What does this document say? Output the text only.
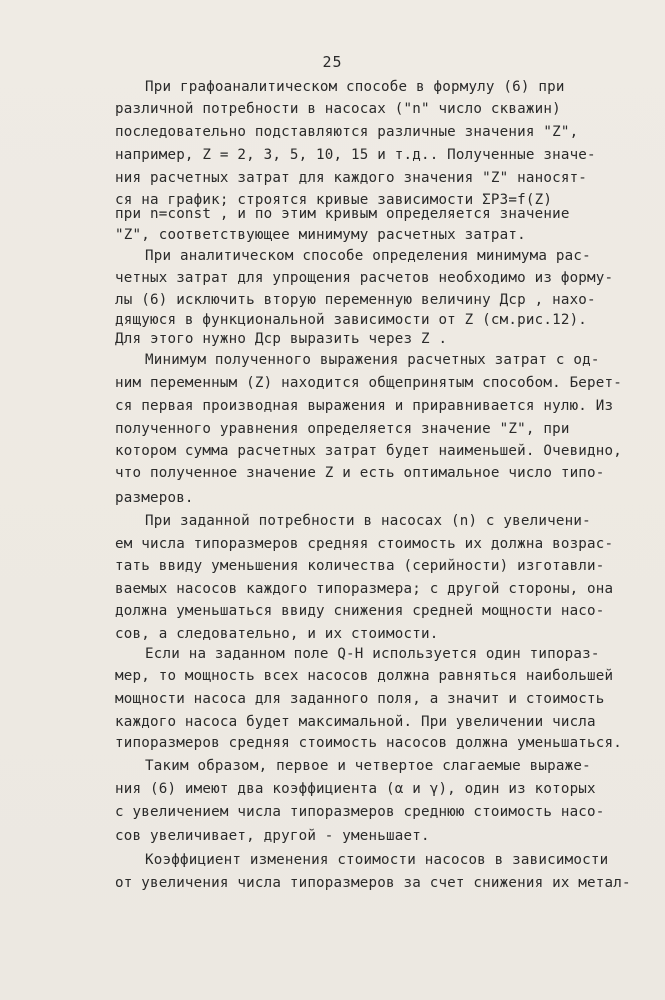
25
При графоаналитическом способе в формулу (6) при
различной потребности в насосах ("n" число скважин)
последовательно подставляются различные значения "Z",
например, Z = 2, 3, 5, 10, 15 и т.д.. Полученные значе-
ния расчетных затрат для каждого значения "Z" наносят-
ся на график; строятся кривые зависимости ΣРЗ=f(Z)
при n=const , и по этим кривым определяется значение
"Z", соответствующее минимуму расчетных затрат.
При аналитическом способе определения минимума рас-
четных затрат для упрощения расчетов необходимо из форму-
лы (6) исключить вторую переменную величину Дср , нахо-
дящуюся в функциональной зависимости от Z (см.рис.12).
Для этого нужно Дср выразить через Z .
Минимум полученного выражения расчетных затрат с од-
ним переменным (Z) находится общепринятым способом. Берет-
ся первая производная выражения и приравнивается нулю. Из
полученного уравнения определяется значение "Z", при
котором сумма расчетных затрат будет наименьшей. Очевидно,
что полученное значение Z и есть оптимальное число типо-
размеров.
При заданной потребности в насосах (n) с увеличени-
ем числа типоразмеров средняя стоимость их должна возрас-
тать ввиду уменьшения количества (серийности) изготавли-
ваемых насосов каждого типоразмера; с другой стороны, она
должна уменьшаться ввиду снижения средней мощности насо-
сов, а следовательно, и их стоимости.
Если на заданном поле Q-H используется один типораз-
мер, то мощность всех насосов должна равняться наибольшей
мощности насоса для заданного поля, а значит и стоимость
каждого насоса будет максимальной. При увеличении числа
типоразмеров средняя стоимость насосов должна уменьшаться.
Таким образом, первое и четвертое слагаемые выраже-
ния (6) имеют два коэффициента (α и γ), один из которых
с увеличением числа типоразмеров среднюю стоимость насо-
сов увеличивает, другой - уменьшает.
Коэффициент изменения стоимости насосов в зависимости
от увеличения числа типоразмеров за счет снижения их метал-
